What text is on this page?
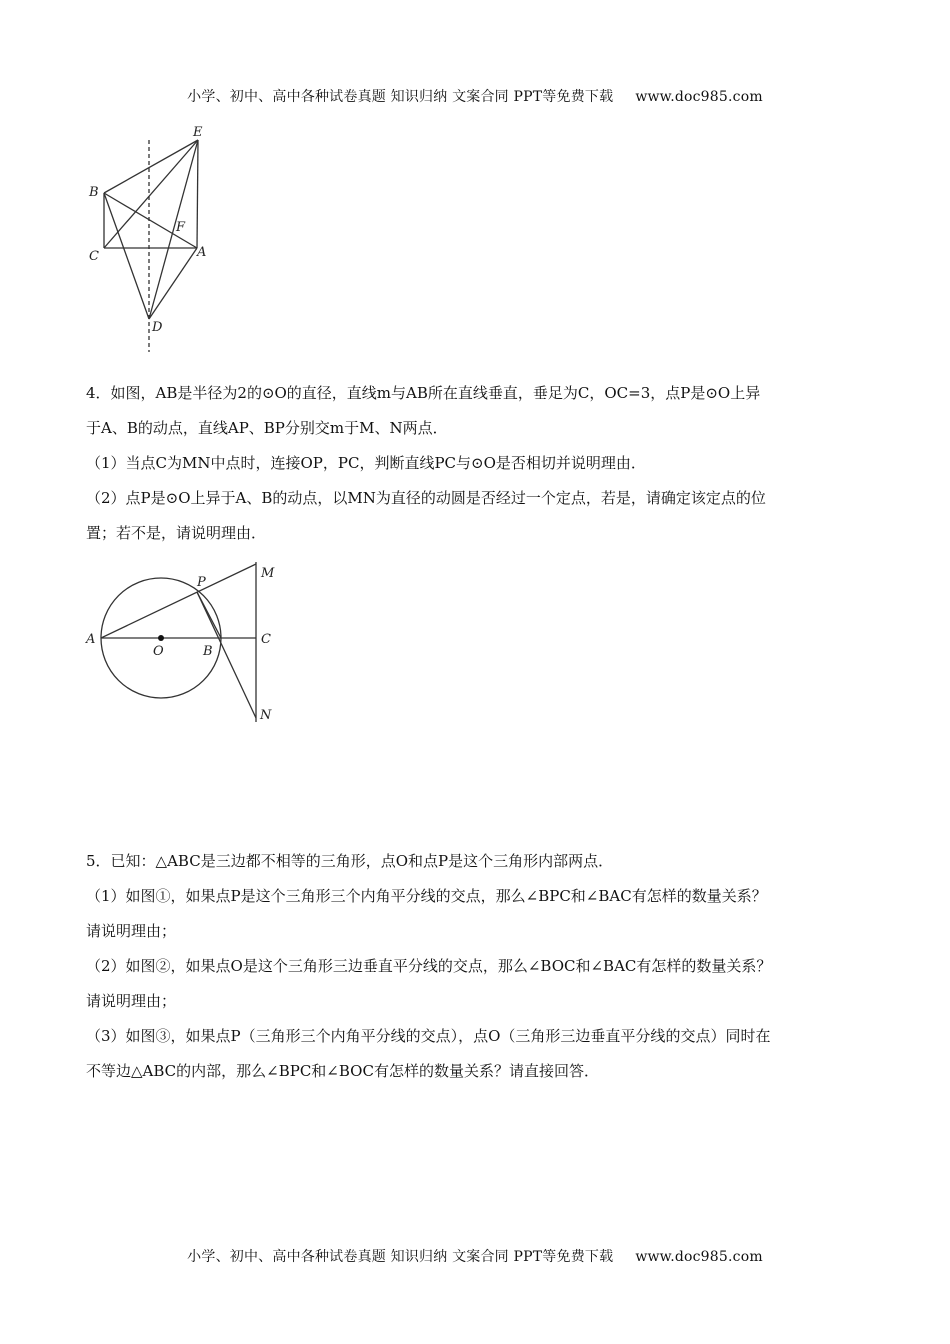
小学、初中、高中各种试卷真题 知识归纳 文案合同 PPT等免费下载 www.doc985.com
E
B
F
C	A
D

4．如图，AB是半径为2的⊙O的直径，直线m与AB所在直线垂直，垂足为C，OC=3，点P是⊙O上异

于A、B的动点，直线AP、BP分别交m于M、N两点．

（1）当点C为MN中点时，连接OP，PC，判断直线PC与⊙O是否相切并说明理由．

（2）点P是⊙O上异于A、B的动点，以MN为直径的动圆是否经过一个定点，若是，请确定该定点的位

置；若不是，请说明理由．

P
M
A
O	B
C
N

5．已知：△ABC是三边都不相等的三角形，点O和点P是这个三角形内部两点．

（1）如图①，如果点P是这个三角形三个内角平分线的交点，那么∠BPC和∠BAC有怎样的数量关系？

请说明理由；

（2）如图②，如果点O是这个三角形三边垂直平分线的交点，那么∠BOC和∠BAC有怎样的数量关系？

请说明理由；

（3）如图③，如果点P（三角形三个内角平分线的交点），点O（三角形三边垂直平分线的交点）同时在

不等边△ABC的内部，那么∠BPC和∠BOC有怎样的数量关系？请直接回答．

小学、初中、高中各种试卷真题 知识归纳 文案合同 PPT等免费下载 www.doc985.com
